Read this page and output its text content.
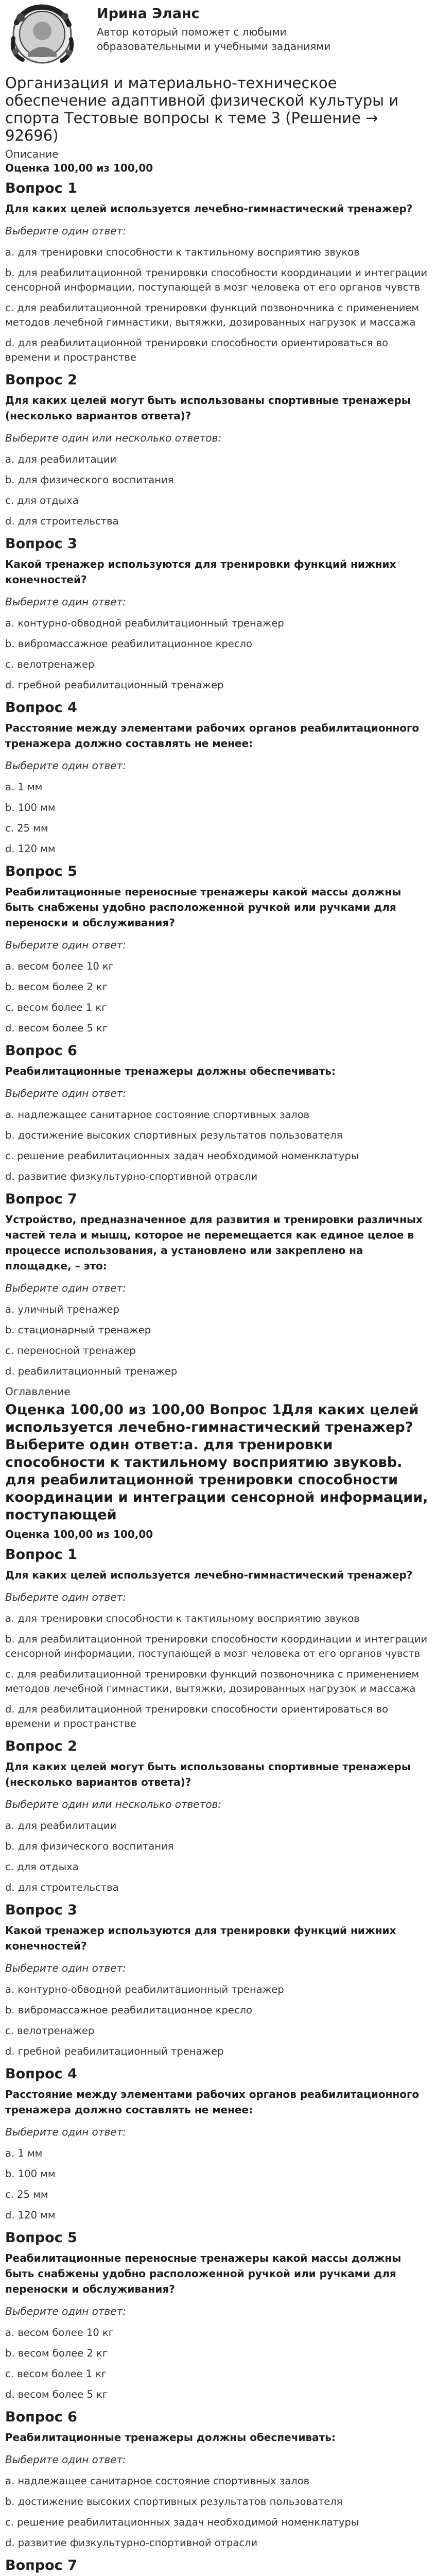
Ирина Эланс

Автор который поможет с любыми образовательными и учебными заданиями

Организация и материально-техническое обеспечение адаптивной физической культуры и спорта Тестовые вопросы к теме 3 (Решение → 92696)
Описание
Оценка 100,00 из 100,00
Вопрос 1
Для каких целей используется лечебно-гимнастический тренажер?
Выберите один ответ:
a. для тренировки способности к тактильному восприятию звуков
b. для реабилитационной тренировки способности координации и интеграции сенсорной информации, поступающей в мозг человека от его органов чувств
c. для реабилитационной тренировки функций позвоночника с применением методов лечебной гимнастики, вытяжки, дозированных нагрузок и массажа
d. для реабилитационной тренировки способности ориентироваться во времени и пространстве
Вопрос 2
Для каких целей могут быть использованы спортивные тренажеры (несколько вариантов ответа)?
Выберите один или несколько ответов:
a. для реабилитации
b. для физического воспитания
c. для отдыха
d. для строительства
Вопрос 3
Какой тренажер используются для тренировки функций нижних конечностей?
Выберите один ответ:
a. контурно-обводной реабилитационный тренажер
b. вибромассажное реабилитационное кресло
c. велотренажер
d. гребной реабилитационный тренажер
Вопрос 4
Расстояние между элементами рабочих органов реабилитационного тренажера должно составлять не менее:
Выберите один ответ:
a. 1 мм
b. 100 мм
c. 25 мм
d. 120 мм
Вопрос 5
Реабилитационные переносные тренажеры какой массы должны быть снабжены удобно расположенной ручкой или ручками для переноски и обслуживания?
Выберите один ответ:
a. весом более 10 кг
b. весом более 2 кг
c. весом более 1 кг
d. весом более 5 кг
Вопрос 6
Реабилитационные тренажеры должны обеспечивать:
Выберите один ответ:
a. надлежащее санитарное состояние спортивных залов
b. достижение высоких спортивных результатов пользователя
c. решение реабилитационных задач необходимой номенклатуры
d. развитие физкультурно-спортивной отрасли
Вопрос 7
Устройство, предназначенное для развития и тренировки различных частей тела и мышц, которое не перемещается как единое целое в процессе использования, а установлено или закреплено на площадке, – это:
Выберите один ответ:
a. уличный тренажер
b. стационарный тренажер
c. переносной тренажер
d. реабилитационный тренажер
Оглавление
Оценка 100,00 из 100,00 Вопрос 1Для каких целей используется лечебно-гимнастический тренажер?Выберите один ответ:a. для тренировки способности к тактильному восприятию звуковb. для реабилитационной тренировки способности координации и интеграции сенсорной информации, поступающей
Оценка 100,00 из 100,00
Вопрос 1
Для каких целей используется лечебно-гимнастический тренажер?
Выберите один ответ:
a. для тренировки способности к тактильному восприятию звуков
b. для реабилитационной тренировки способности координации и интеграции сенсорной информации, поступающей в мозг человека от его органов чувств
c. для реабилитационной тренировки функций позвоночника с применением методов лечебной гимнастики, вытяжки, дозированных нагрузок и массажа
d. для реабилитационной тренировки способности ориентироваться во времени и пространстве
Вопрос 2
Для каких целей могут быть использованы спортивные тренажеры (несколько вариантов ответа)?
Выберите один или несколько ответов:
a. для реабилитации
b. для физического воспитания
c. для отдыха
d. для строительства
Вопрос 3
Какой тренажер используются для тренировки функций нижних конечностей?
Выберите один ответ:
a. контурно-обводной реабилитационный тренажер
b. вибромассажное реабилитационное кресло
c. велотренажер
d. гребной реабилитационный тренажер
Вопрос 4
Расстояние между элементами рабочих органов реабилитационного тренажера должно составлять не менее:
Выберите один ответ:
a. 1 мм
b. 100 мм
c. 25 мм
d. 120 мм
Вопрос 5
Реабилитационные переносные тренажеры какой массы должны быть снабжены удобно расположенной ручкой или ручками для переноски и обслуживания?
Выберите один ответ:
a. весом более 10 кг
b. весом более 2 кг
c. весом более 1 кг
d. весом более 5 кг
Вопрос 6
Реабилитационные тренажеры должны обеспечивать:
Выберите один ответ:
a. надлежащее санитарное состояние спортивных залов
b. достижение высоких спортивных результатов пользователя
c. решение реабилитационных задач необходимой номенклатуры
d. развитие физкультурно-спортивной отрасли
Вопрос 7
